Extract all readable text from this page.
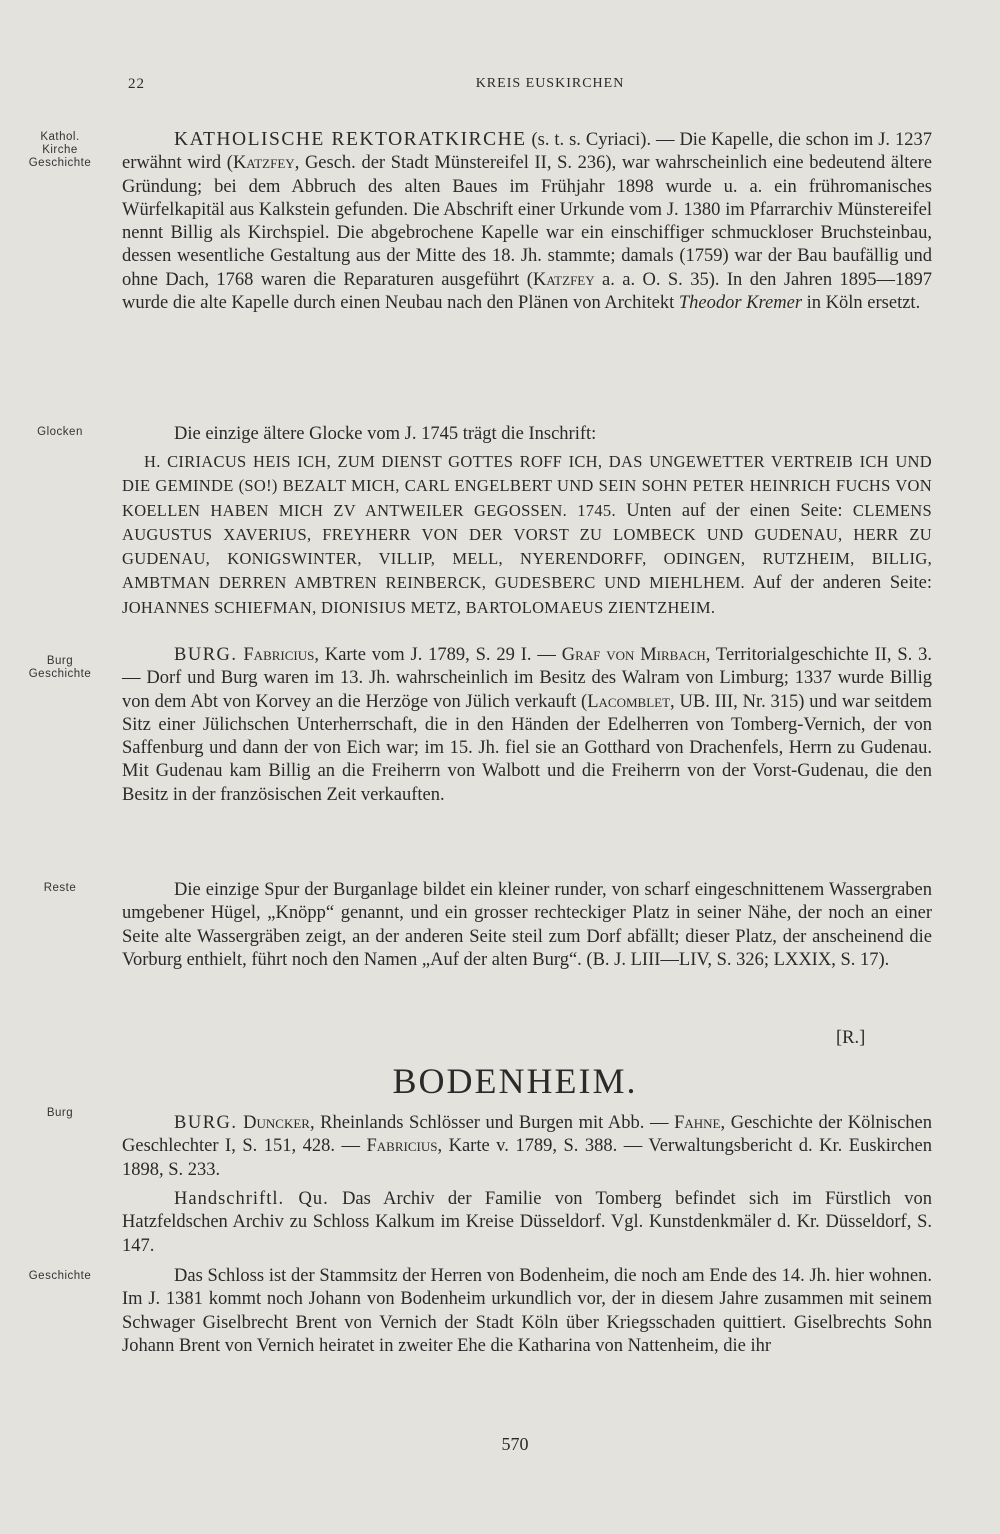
22	KREIS EUSKIRCHEN
Kathol.
Kirche
Geschichte
Glocken
Burg
Geschichte
Reste
Burg
Geschichte

KATHOLISCHE REKTORATKIRCHE (s. t. s. Cyriaci). — Die Kapelle, die schon im J. 1237 erwähnt wird (Katzfey, Gesch. der Stadt Münstereifel II, S. 236), war wahrscheinlich eine bedeutend ältere Gründung; bei dem Abbruch des alten Baues im Frühjahr 1898 wurde u. a. ein frühromanisches Würfelkapitäl aus Kalkstein gefunden. Die Abschrift einer Urkunde vom J. 1380 im Pfarrarchiv Münstereifel nennt Billig als Kirchspiel. Die abgebrochene Kapelle war ein einschiffiger schmuckloser Bruchsteinbau, dessen wesentliche Gestaltung aus der Mitte des 18. Jh. stammte; damals (1759) war der Bau baufällig und ohne Dach, 1768 waren die Reparaturen ausgeführt (Katzfey a. a. O. S. 35). In den Jahren 1895—1897 wurde die alte Kapelle durch einen Neubau nach den Plänen von Architekt Theodor Kremer in Köln ersetzt.

Die einzige ältere Glocke vom J. 1745 trägt die Inschrift:

H. CIRIACUS HEIS ICH, ZUM DIENST GOTTES ROFF ICH, DAS UNGEWETTER VERTREIB ICH UND DIE GEMINDE (SO!) BEZALT MICH, CARL ENGELBERT UND SEIN SOHN PETER HEINRICH FUCHS VON KOELLEN HABEN MICH ZV ANTWEILER GEGOSSEN. 1745. Unten auf der einen Seite: CLEMENS AUGUSTUS XAVERIUS, FREYHERR VON DER VORST ZU LOMBECK UND GUDENAU, HERR ZU GUDENAU, KONIGSWINTER, VILLIP, MELL, NYERENDORFF, ODINGEN, RUTZHEIM, BILLIG, AMBTMAN DERREN AMBTREN REINBERCK, GUDESBERC UND MIEHLHEM. Auf der anderen Seite: JOHANNES SCHIEFMAN, DIONISIUS METZ, BARTOLOMAEUS ZIENTZHEIM.

BURG. Fabricius, Karte vom J. 1789, S. 29 I. — Graf von Mirbach, Territorialgeschichte II, S. 3. — Dorf und Burg waren im 13. Jh. wahrscheinlich im Besitz des Walram von Limburg; 1337 wurde Billig von dem Abt von Korvey an die Herzöge von Jülich verkauft (Lacomblet, UB. III, Nr. 315) und war seitdem Sitz einer Jülichschen Unterherrschaft, die in den Händen der Edelherren von Tomberg-Vernich, der von Saffenburg und dann der von Eich war; im 15. Jh. fiel sie an Gotthard von Drachenfels, Herrn zu Gudenau. Mit Gudenau kam Billig an die Freiherrn von Walbott und die Freiherrn von der Vorst-Gudenau, die den Besitz in der französischen Zeit verkauften.

Die einzige Spur der Burganlage bildet ein kleiner runder, von scharf eingeschnittenem Wassergraben umgebener Hügel, „Knöpp“ genannt, und ein grosser rechteckiger Platz in seiner Nähe, der noch an einer Seite alte Wassergräben zeigt, an der anderen Seite steil zum Dorf abfällt; dieser Platz, der anscheinend die Vorburg enthielt, führt noch den Namen „Auf der alten Burg“. (B. J. LIII—LIV, S. 326; LXXIX, S. 17).

[R.]
BODENHEIM.

BURG. Duncker, Rheinlands Schlösser und Burgen mit Abb. — Fahne, Geschichte der Kölnischen Geschlechter I, S. 151, 428. — Fabricius, Karte v. 1789, S. 388. — Verwaltungsbericht d. Kr. Euskirchen 1898, S. 233.

Handschriftl. Qu. Das Archiv der Familie von Tomberg befindet sich im Fürstlich von Hatzfeldschen Archiv zu Schloss Kalkum im Kreise Düsseldorf. Vgl. Kunstdenkmäler d. Kr. Düsseldorf, S. 147.

Das Schloss ist der Stammsitz der Herren von Bodenheim, die noch am Ende des 14. Jh. hier wohnen. Im J. 1381 kommt noch Johann von Bodenheim urkundlich vor, der in diesem Jahre zusammen mit seinem Schwager Giselbrecht Brent von Vernich der Stadt Köln über Kriegsschaden quittiert. Giselbrechts Sohn Johann Brent von Vernich heiratet in zweiter Ehe die Katharina von Nattenheim, die ihr

570
